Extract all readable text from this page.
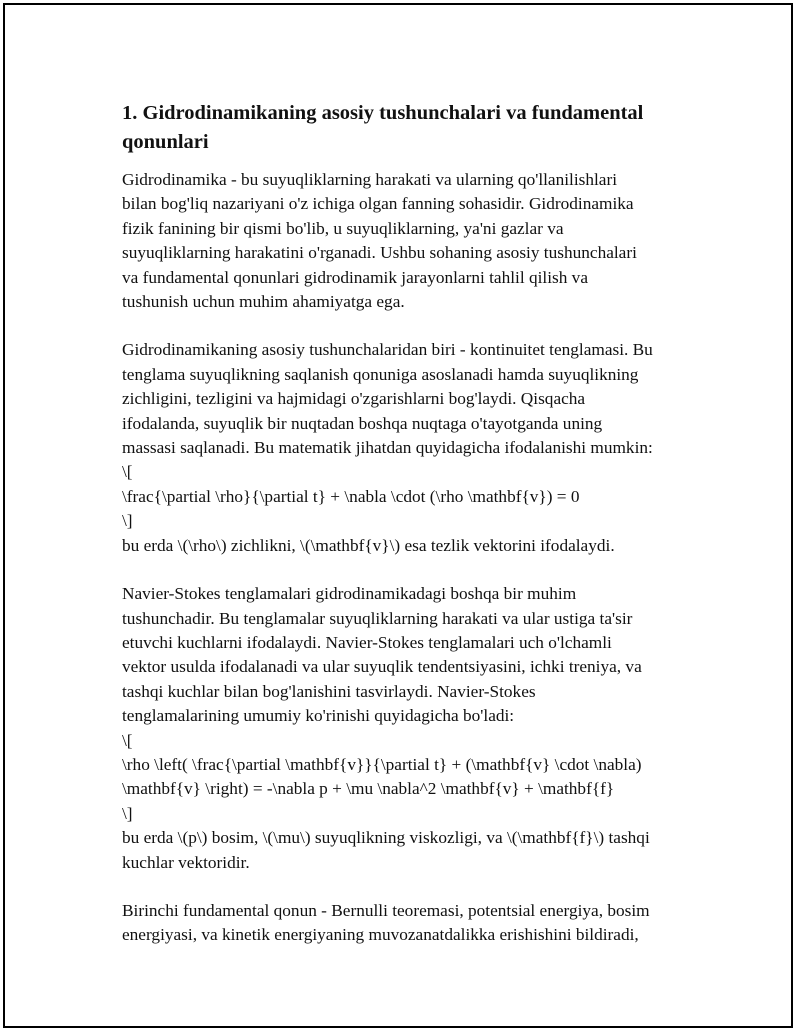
1. Gidrodinamikaning asosiy tushunchalari va fundamental
qonunlari

Gidrodinamika - bu suyuqliklarning harakati va ularning qo'llanilishlari
bilan bog'liq nazariyani o'z ichiga olgan fanning sohasidir. Gidrodinamika
fizik fanining bir qismi bo'lib, u suyuqliklarning, ya'ni gazlar va
suyuqliklarning harakatini o'rganadi. Ushbu sohaning asosiy tushunchalari
va fundamental qonunlari gidrodinamik jarayonlarni tahlil qilish va
tushunish uchun muhim ahamiyatga ega.

Gidrodinamikaning asosiy tushunchalaridan biri - kontinuitet tenglamasi. Bu
tenglama suyuqlikning saqlanish qonuniga asoslanadi hamda suyuqlikning
zichligini, tezligini va hajmidagi o'zgarishlarni bog'laydi. Qisqacha
ifodalanda, suyuqlik bir nuqtadan boshqa nuqtaga o'tayotganda uning
massasi saqlanadi. Bu matematik jihatdan quyidagicha ifodalanishi mumkin:
\[
\frac{\partial \rho}{\partial t} + \nabla \cdot (\rho \mathbf{v}) = 0
\]
bu erda \(\rho\) zichlikni, \(\mathbf{v}\) esa tezlik vektorini ifodalaydi.

Navier-Stokes tenglamalari gidrodinamikadagi boshqa bir muhim
tushunchadir. Bu tenglamalar suyuqliklarning harakati va ular ustiga ta'sir
etuvchi kuchlarni ifodalaydi. Navier-Stokes tenglamalari uch o'lchamli
vektor usulda ifodalanadi va ular suyuqlik tendentsiyasini, ichki treniya, va
tashqi kuchlar bilan bog'lanishini tasvirlaydi. Navier-Stokes
tenglamalarining umumiy ko'rinishi quyidagicha bo'ladi:
\[
\rho \left( \frac{\partial \mathbf{v}}{\partial t} + (\mathbf{v} \cdot \nabla)
\mathbf{v} \right) = -\nabla p + \mu \nabla^2 \mathbf{v} + \mathbf{f}
\]
bu erda \(p\) bosim, \(\mu\) suyuqlikning viskozligi, va \(\mathbf{f}\) tashqi
kuchlar vektoridir.

Birinchi fundamental qonun - Bernulli teoremasi, potentsial energiya, bosim
energiyasi, va kinetik energiyaning muvozanatdalikka erishishini bildiradi,
